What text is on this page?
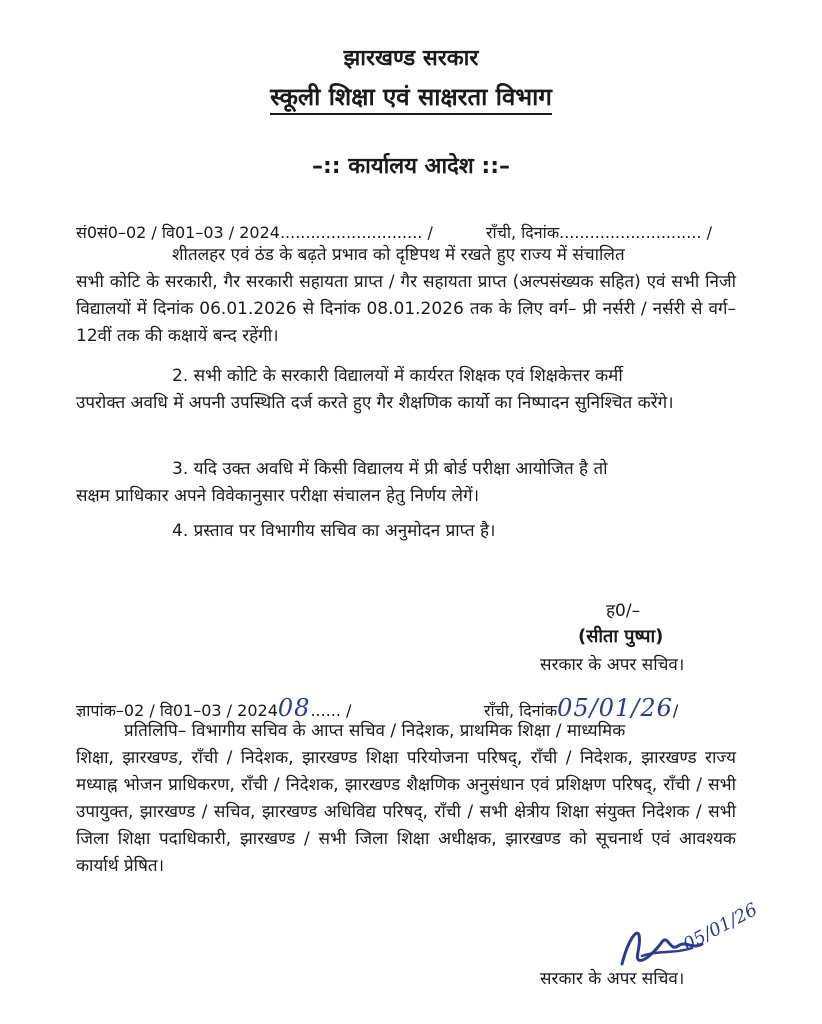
झारखण्ड सरकार
स्कूली शिक्षा एवं साक्षरता विभाग
–:: कार्यालय आदेश ::–
सं0सं0–02 / वि01–03 / 2024............................ /	राँची, दिनांक............................ /
शीतलहर एवं ठंड के बढ़ते प्रभाव को दृष्टिपथ में रखते हुए राज्य में संचालित
सभी कोटि के सरकारी, गैर सरकारी सहायता प्राप्त / गैर सहायता प्राप्त (अल्पसंख्यक सहित) एवं सभी निजी विद्यालयों में दिनांक 06.01.2026 से दिनांक 08.01.2026 तक के लिए वर्ग– प्री नर्सरी / नर्सरी से वर्ग–12वीं तक की कक्षायें बन्द रहेंगी।
2. सभी कोटि के सरकारी विद्यालयों में कार्यरत शिक्षक एवं शिक्षकेत्तर कर्मी
उपरोक्त अवधि में अपनी उपस्थिति दर्ज करते हुए गैर शैक्षणिक कार्यो का निष्पादन सुनिश्चित करेंगे।
3. यदि उक्त अवधि में किसी विद्यालय में प्री बोर्ड परीक्षा आयोजित है तो
सक्षम प्राधिकार अपने विवेकानुसार परीक्षा संचालन हेतु निर्णय लेगें।
4. प्रस्ताव पर विभागीय सचिव का अनुमोदन प्राप्त है।
ह0/–
(सीता पुष्पा)
सरकार के अपर सचिव।
ज्ञापांक–02 / वि01–03 / 202408...... /	राँची, दिनांक05/01/26/
प्रतिलिपि– विभागीय सचिव के आप्त सचिव / निदेशक, प्राथमिक शिक्षा / माध्यमिक
शिक्षा, झारखण्ड, राँची / निदेशक, झारखण्ड शिक्षा परियोजना परिषद्, राँची / निदेशक, झारखण्ड राज्य मध्याह्न भोजन प्राधिकरण, राँची / निदेशक, झारखण्ड शैक्षणिक अनुसंधान एवं प्रशिक्षण परिषद्, राँची / सभी उपायुक्त, झारखण्ड / सचिव, झारखण्ड अधिविद्य परिषद्, राँची / सभी क्षेत्रीय शिक्षा संयुक्त निदेशक / सभी जिला शिक्षा पदाधिकारी, झारखण्ड / सभी जिला शिक्षा अधीक्षक, झारखण्ड को सूचनार्थ एवं आवश्यक कार्यार्थ प्रेषित।
05/01/26
सरकार के अपर सचिव।
